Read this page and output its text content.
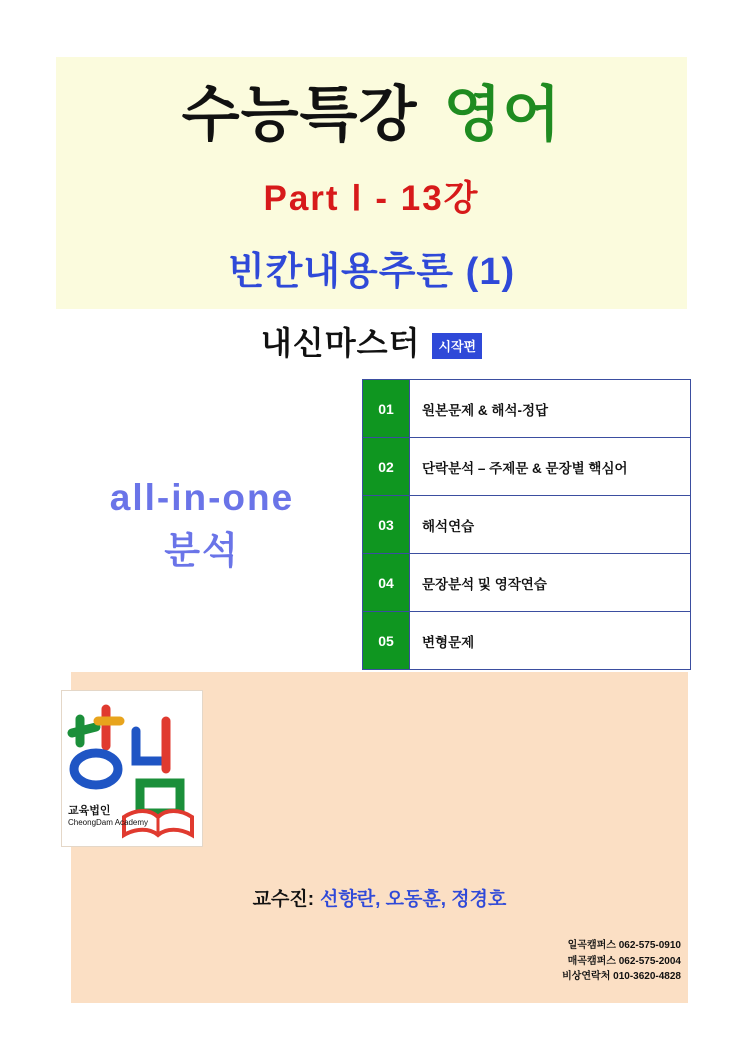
수능특강 영어
Part Ⅰ - 13강
빈칸내용추론 (1)
내신마스터 시작편
all-in-one
분석
01	원본문제 & 해석-정답
02	단락분석 – 주제문 & 문장별 핵심어
03	해석연습
04	문장분석 및 영작연습
05	변형문제
교육법인
CheongDam Academy
교수진: 선향란, 오동훈, 정경호
일곡캠퍼스 062-575-0910
매곡캠퍼스 062-575-2004
비상연락처 010-3620-4828
